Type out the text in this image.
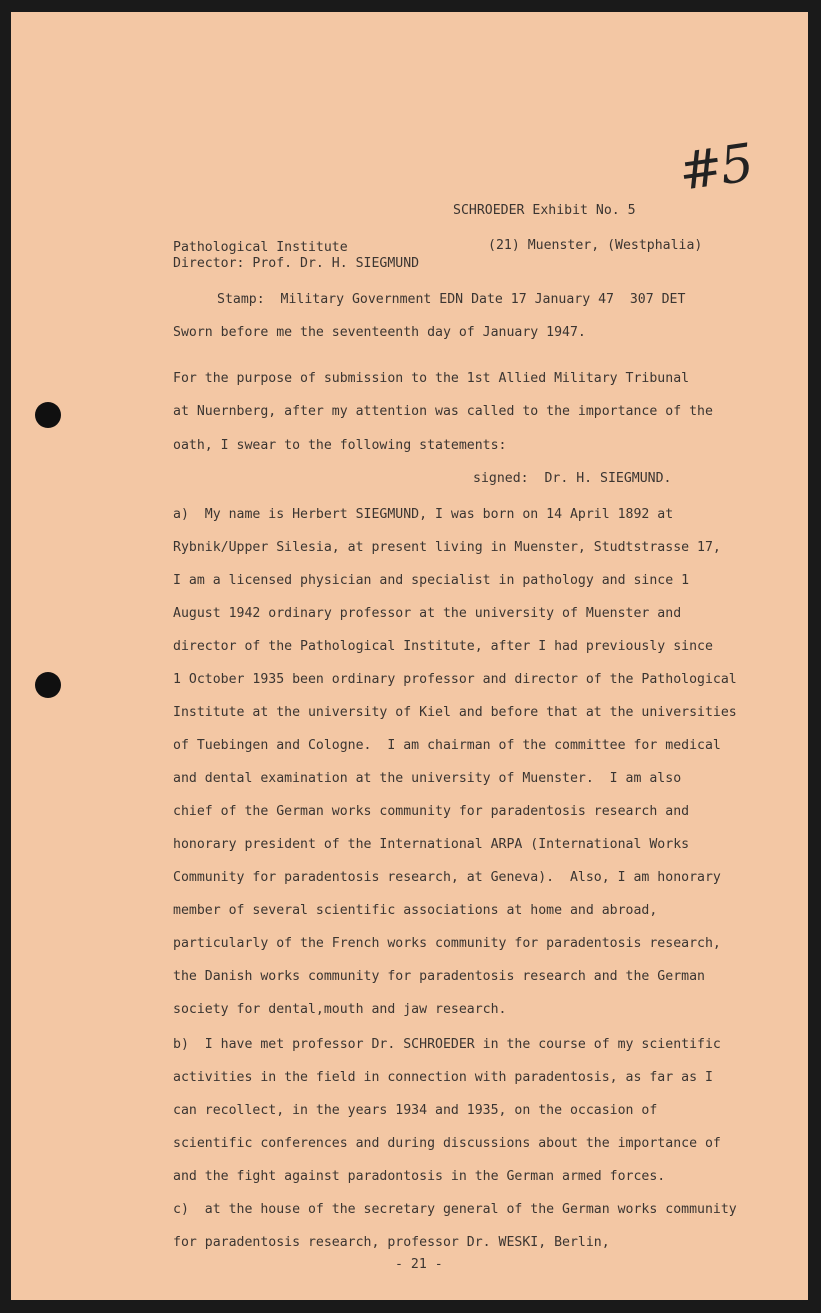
#5
SCHROEDER Exhibit No. 5
Pathological Institute	(21) Muenster, (Westphalia)
Director: Prof. Dr. H. SIEGMUND
Stamp:  Military Government EDN Date 17 January 47  307 DET
Sworn before me the seventeenth day of January 1947.
For the purpose of submission to the 1st Allied Military Tribunal
at Nuernberg, after my attention was called to the importance of the
oath, I swear to the following statements:
signed:  Dr. H. SIEGMUND.
a)  My name is Herbert SIEGMUND, I was born on 14 April 1892 at
Rybnik/Upper Silesia, at present living in Muenster, Studtstrasse 17,
I am a licensed physician and specialist in pathology and since 1
August 1942 ordinary professor at the university of Muenster and
director of the Pathological Institute, after I had previously since
1 October 1935 been ordinary professor and director of the Pathological
Institute at the university of Kiel and before that at the universities
of Tuebingen and Cologne.  I am chairman of the committee for medical
and dental examination at the university of Muenster.  I am also
chief of the German works community for paradentosis research and
honorary president of the International ARPA (International Works
Community for paradentosis research, at Geneva).  Also, I am honorary
member of several scientific associations at home and abroad,
particularly of the French works community for paradentosis research,
the Danish works community for paradentosis research and the German
society for dental,mouth and jaw research.
b)  I have met professor Dr. SCHROEDER in the course of my scientific
activities in the field in connection with paradentosis, as far as I
can recollect, in the years 1934 and 1935, on the occasion of
scientific conferences and during discussions about the importance of
and the fight against paradontosis in the German armed forces.
c)  at the house of the secretary general of the German works community
for paradentosis research, professor Dr. WESKI, Berlin,
- 21 -
